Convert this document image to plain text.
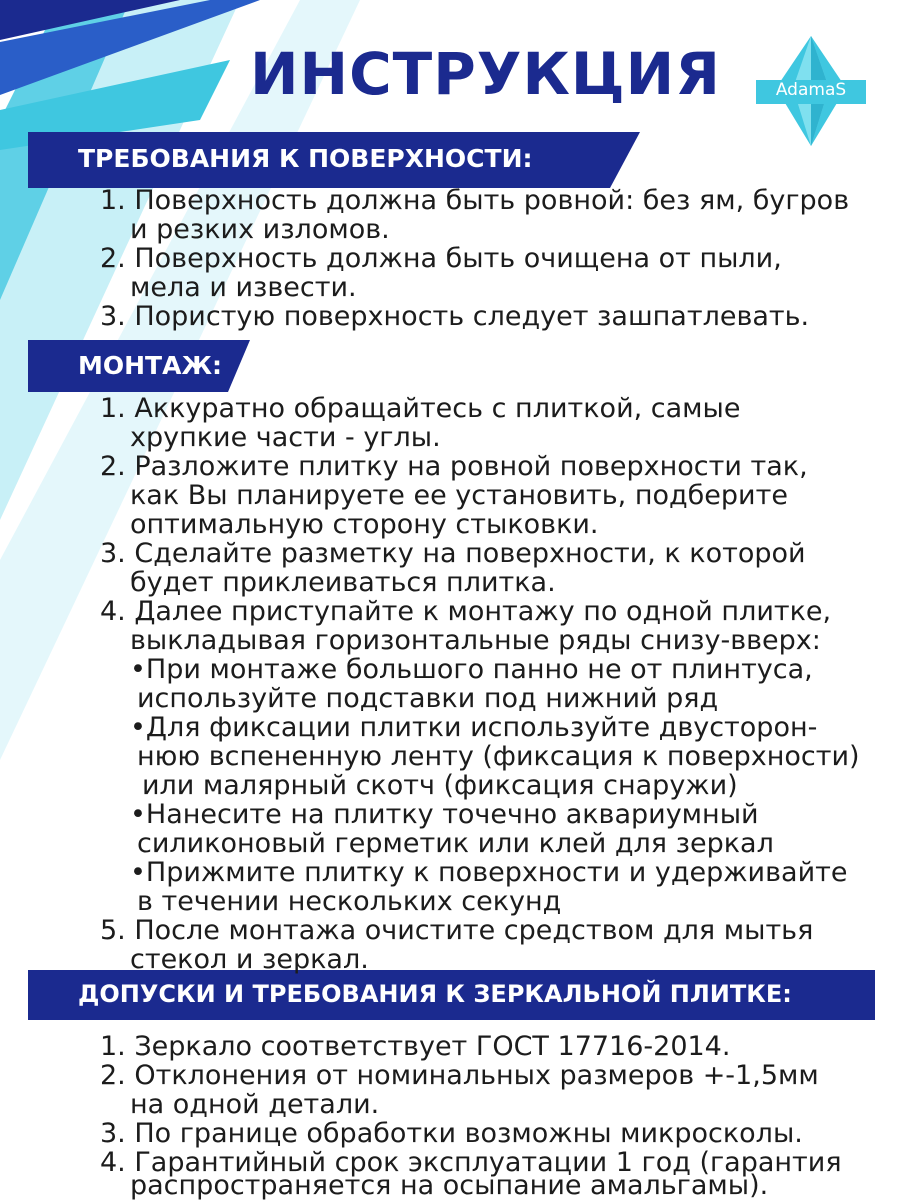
ИНСТРУКЦИЯ	AdamaS
ТРЕБОВАНИЯ К ПОВЕРХНОСТИ:
1. Поверхность должна быть ровной: без ям, бугров
и резких изломов.
2. Поверхность должна быть очищена от пыли,
мела и извести.
3. Пористую поверхность следует зашпатлевать.
МОНТАЖ:
1. Аккуратно обращайтесь с плиткой, самые
хрупкие части - углы.
2. Разложите плитку на ровной поверхности так,
как Вы планируете ее установить, подберите
оптимальную сторону стыковки.
3. Сделайте разметку на поверхности, к которой
будет приклеиваться плитка.
4. Далее приступайте к монтажу по одной плитке,
выкладывая горизонтальные ряды снизу-вверх:
•При монтаже большого панно не от плинтуса,
используйте подставки под нижний ряд
•Для фиксации плитки используйте двусторон-
нюю вспененную ленту (фиксация к поверхности)
или малярный скотч (фиксация снаружи)
•Нанесите на плитку точечно аквариумный
силиконовый герметик или клей для зеркал
•Прижмите плитку к поверхности и удерживайте
в течении нескольких секунд
5. После монтажа очистите средством для мытья
стекол и зеркал.
ДОПУСКИ И ТРЕБОВАНИЯ К ЗЕРКАЛЬНОЙ ПЛИТКЕ:
1. Зеркало соответствует ГОСТ 17716-2014.
2. Отклонения от номинальных размеров +-1,5мм
на одной детали.
3. По границе обработки возможны микросколы.
4. Гарантийный срок эксплуатации 1 год (гарантия
распространяется на осыпание амальгамы).
